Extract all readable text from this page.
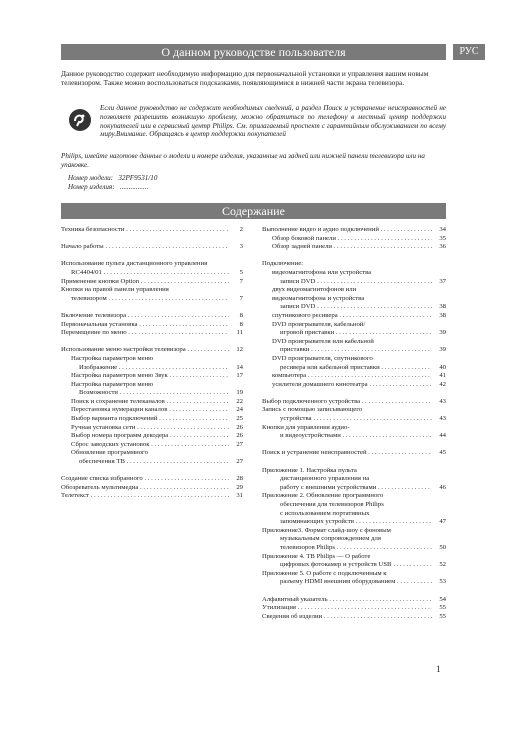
О данном руководстве пользователя	РУС
Данное руководство содержит необходимую информацию для первоначальной установки и управления вашим новым телевизором. Также можно воспользоваться подсказками, появляющимися в нижней части экрана телевизора.
Если данное руководство не содержит необходимых сведений, а раздел Поиск и устранение неисправностей не позволяет разрешить возникшую проблему, можно обратиться по телефону в местный центр поддержки покупателей или в сервисный центр Philips. См. прилагаемый проспект с гарантийным обслуживанием по всему миру.Внимание. Обращаясь в центр поддержки покупателей
Philips, имейте наготове данные о модели и номере изделия, указанные на задней или нижней панели телевизора или на упаковке.
Номер модели: 32PF9531/10
Номер изделия: ................
Содержание
Техника безопасности . . .	2
Начало работы . . .	3
Использование пульта дистанционного управления
RC4404/01 . . .	5
Применение кнопки Option . . .	7
Кнопки на правой панели управления
телевизором . . .	7
Включение телевизора . . .	8
Первоначальная установка . . .	8
Перемещение по меню . . .	11
Использование меню настройки телевизора . . .	12
Настройка параметров меню
Изображение . . .	14
Настройка параметров меню Звук . . .	17
Настройка параметров меню
Возможности . . .	19
Поиск и сохранение телеканалов . . .	22
Перестановка нумерации каналов . . .	24
Выбор варианта подключений . . .	25
Ручная установка сети . . .	26
Выбор номера программ декодера . . .	26
Сброс заводских установок . . .	27
Обновление программного
обеспечения ТВ . . .	27
Создание списка избранного . . .	28
Обозреватель мультимедиа . . .	29
Телетекст . . .	31
Выполнение видео и аудио подключений . . .	34
Обзор боковой панели . . .	35
Обзор задней панели . . .	36
Подключение:
видеомагнитофона или устройства
записи DVD . . .	37
двух видеомагнитофонов или
видеомагнитофона и устройства
записи DVD . . .	38
спутникового ресивера . . .	38
DVD проигрывателя, кабельной/
игровой приставки . . .	39
DVD проигрывателя или кабельной
приставки . . .	39
DVD проигрывателя, спутникового
ресивера или кабельной приставки . . .	40
компьютера . . .	41
усилителя домашнего кинотеатра . . .	42
Выбор подключенного устройства . . .	43
Запись с помощью записывающего
устройства . . .	43
Кнопки для управления аудио-
и видеоустройствами . . .	44
Поиск и устранение неисправностей . . .	45
Приложение 1. Настройка пульта
дистанционного управления на
работу с внешними устройствами . . .	46
Приложение 2. Обновление программного
обеспечения для телевизоров Philips
с использованием портативных
запоминающих устройств . . .	47
Приложение3. Формат слайд-шоу с фоновым
музыкальным сопровождением для
телевизоров Philips . . .	50
Приложение 4. ТВ Philips — О работе
цифровых фотокамер и устройств USB . . .	52
Приложение 5. О работе с подключенным к
разъему HDMI внешним оборудованием . . .	53
Алфавитный указатель . . .	54
Утилизация . . .	55
Сведения об изделии . . .	55
1
